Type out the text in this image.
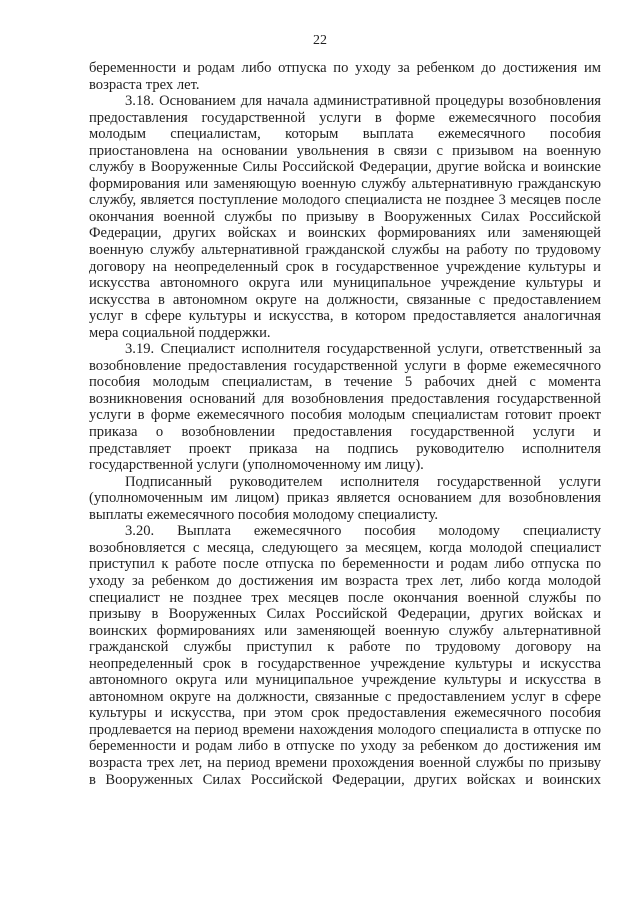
22
беременности и родам либо отпуска по уходу за ребенком до достижения им
возраста трех лет.
3.18. Основанием для начала административной процедуры возобновления
предоставления государственной услуги в форме ежемесячного пособия
молодым специалистам, которым выплата ежемесячного пособия
приостановлена на основании увольнения в связи с призывом на военную
службу в Вооруженные Силы Российской Федерации, другие войска и воинские
формирования или заменяющую военную службу альтернативную гражданскую
службу, является поступление молодого специалиста не позднее 3 месяцев после
окончания военной службы по призыву в Вооруженных Силах Российской
Федерации, других войсках и воинских формированиях или заменяющей
военную службу альтернативной гражданской службы на работу по трудовому
договору на неопределенный срок в государственное учреждение культуры и
искусства автономного округа или муниципальное учреждение культуры и
искусства в автономном округе на должности, связанные с предоставлением
услуг в сфере культуры и искусства, в котором предоставляется аналогичная
мера социальной поддержки.
3.19. Специалист исполнителя государственной услуги, ответственный за
возобновление предоставления государственной услуги в форме ежемесячного
пособия молодым специалистам, в течение 5 рабочих дней с момента
возникновения оснований для возобновления предоставления государственной
услуги в форме ежемесячного пособия молодым специалистам готовит проект
приказа о возобновлении предоставления государственной услуги и
представляет проект приказа на подпись руководителю исполнителя
государственной услуги (уполномоченному им лицу).
Подписанный руководителем исполнителя государственной услуги
(уполномоченным им лицом) приказ является основанием для возобновления
выплаты ежемесячного пособия молодому специалисту.
3.20. Выплата ежемесячного пособия молодому специалисту
возобновляется с месяца, следующего за месяцем, когда молодой специалист
приступил к работе после отпуска по беременности и родам либо отпуска по
уходу за ребенком до достижения им возраста трех лет, либо когда молодой
специалист не позднее трех месяцев после окончания военной службы по
призыву в Вооруженных Силах Российской Федерации, других войсках и
воинских формированиях или заменяющей военную службу альтернативной
гражданской службы приступил к работе по трудовому договору на
неопределенный срок в государственное учреждение культуры и искусства
автономного округа или муниципальное учреждение культуры и искусства в
автономном округе на должности, связанные с предоставлением услуг в сфере
культуры и искусства, при этом срок предоставления ежемесячного пособия
продлевается на период времени нахождения молодого специалиста в отпуске по
беременности и родам либо в отпуске по уходу за ребенком до достижения им
возраста трех лет, на период времени прохождения военной службы по призыву
в Вооруженных Силах Российской Федерации, других войсках и воинских
